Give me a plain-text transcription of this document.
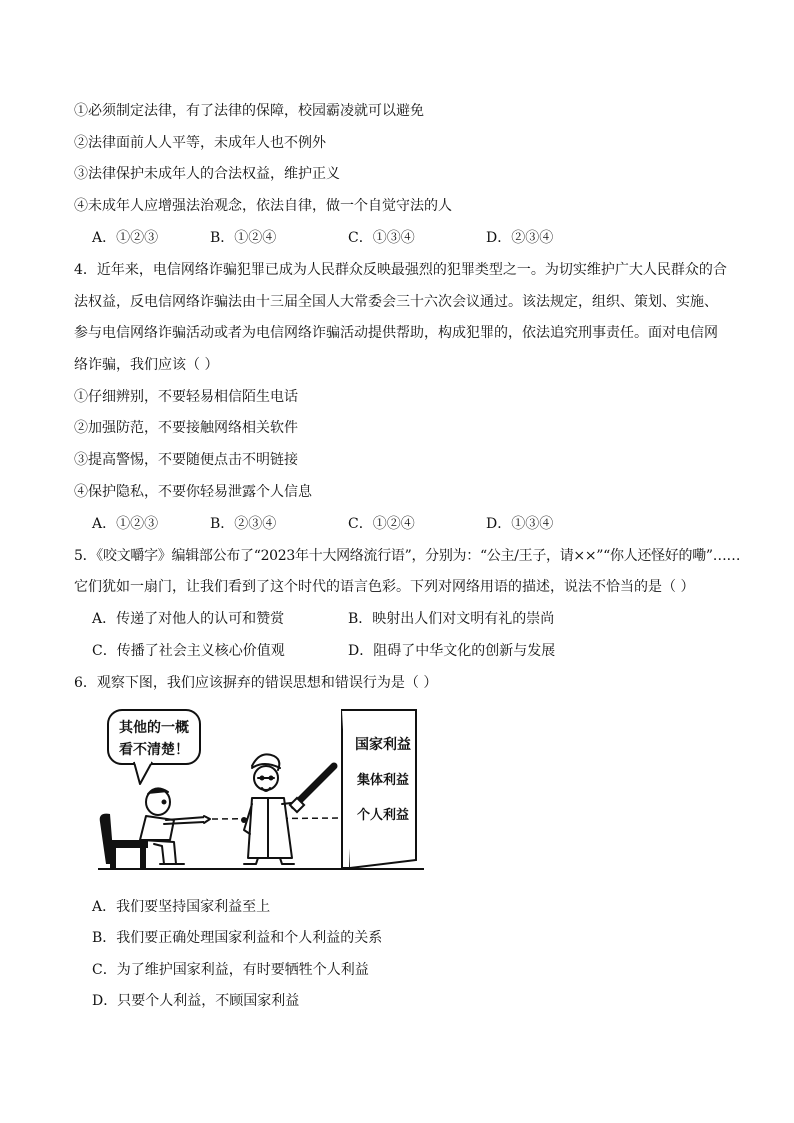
①必须制定法律，有了法律的保障，校园霸凌就可以避免
②法律面前人人平等，未成年人也不例外
③法律保护未成年人的合法权益，维护正义
④未成年人应增强法治观念，依法自律，做一个自觉守法的人
A．①②③	B．①②④	C．①③④	D．②③④
4．近年来，电信网络诈骗犯罪已成为人民群众反映最强烈的犯罪类型之一。为切实维护广大人民群众的合
法权益，反电信网络诈骗法由十三届全国人大常委会三十六次会议通过。该法规定，组织、策划、实施、
参与电信网络诈骗活动或者为电信网络诈骗活动提供帮助，构成犯罪的，依法追究刑事责任。面对电信网
络诈骗，我们应该（ ）
①仔细辨别，不要轻易相信陌生电话
②加强防范，不要接触网络相关软件
③提高警惕，不要随便点击不明链接
④保护隐私，不要你轻易泄露个人信息
A．①②③	B．②③④	C．①②④	D．①③④
5．《咬文嚼字》编辑部公布了“2023年十大网络流行语”，分别为：“公主/王子，请××”“你人还怪好的嘞”……
它们犹如一扇门，让我们看到了这个时代的语言色彩。下列对网络用语的描述，说法不恰当的是（ ）
A．传递了对他人的认可和赞赏	B．映射出人们对文明有礼的崇尚
C．传播了社会主义核心价值观	D．阻碍了中华文化的创新与发展
6．观察下图，我们应该摒弃的错误思想和错误行为是（ ）
其他的一概
看不清楚！	国家利益
集体利益
个人利益
A．我们要坚持国家利益至上
B．我们要正确处理国家利益和个人利益的关系
C．为了维护国家利益，有时要牺牲个人利益
D．只要个人利益，不顾国家利益
